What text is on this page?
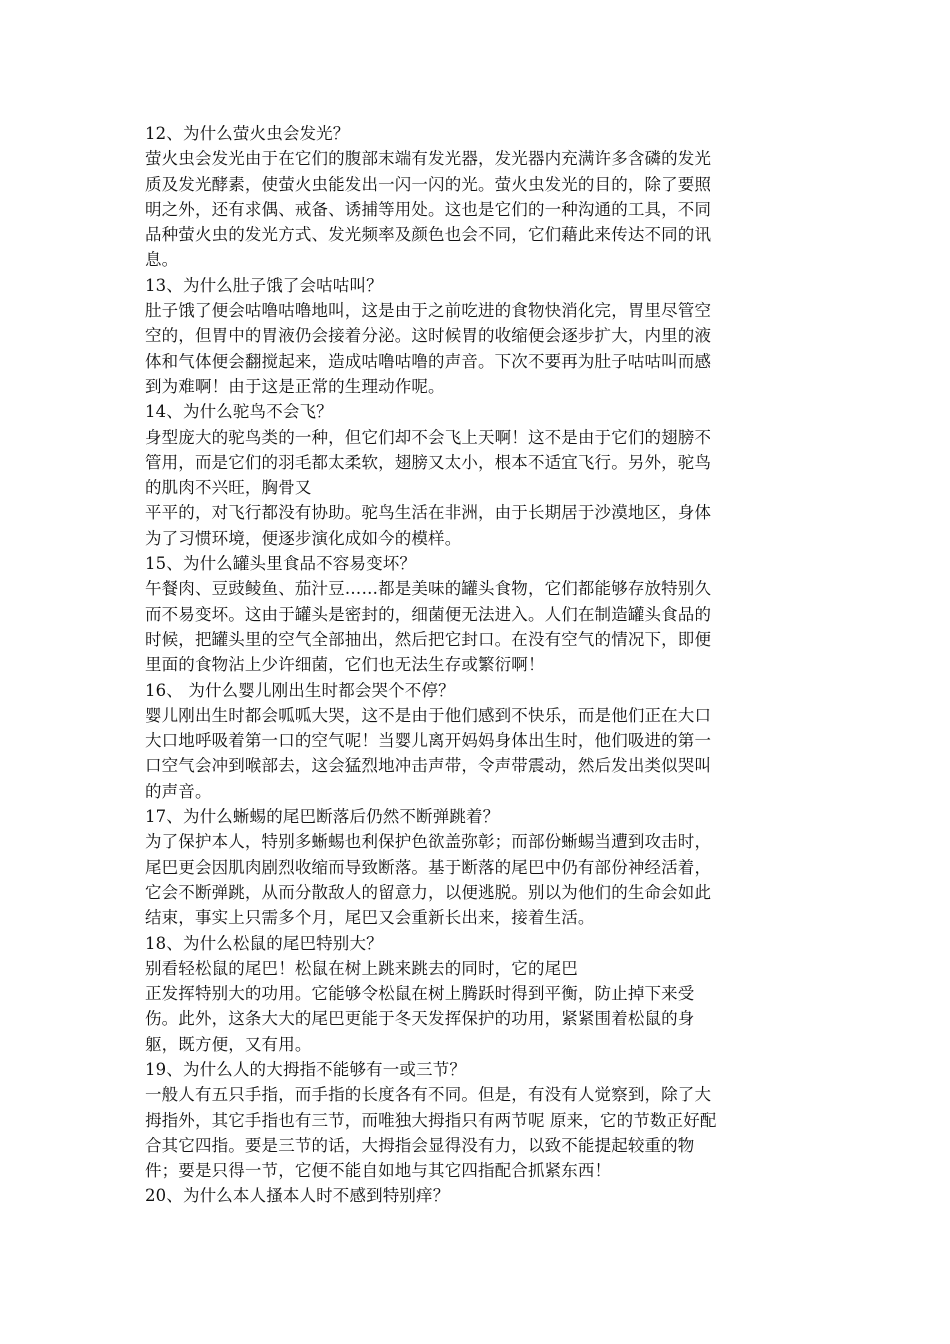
12、为什么萤火虫会发光？
萤火虫会发光由于在它们的腹部末端有发光器，发光器内充满许多含磷的发光
质及发光酵素，使萤火虫能发出一闪一闪的光。萤火虫发光的目的，除了要照
明之外，还有求偶、戒备、诱捕等用处。这也是它们的一种沟通的工具，不同
品种萤火虫的发光方式、发光频率及颜色也会不同，它们藉此来传达不同的讯
息。
13、为什么肚子饿了会咕咕叫？
肚子饿了便会咕噜咕噜地叫，这是由于之前吃进的食物快消化完，胃里尽管空
空的，但胃中的胃液仍会接着分泌。这时候胃的收缩便会逐步扩大，内里的液
体和气体便会翻搅起来，造成咕噜咕噜的声音。下次不要再为肚子咕咕叫而感
到为难啊！由于这是正常的生理动作呢。
14、为什么驼鸟不会飞？
身型庞大的驼鸟类的一种，但它们却不会飞上天啊！这不是由于它们的翅膀不
管用，而是它们的羽毛都太柔软，翅膀又太小，根本不适宜飞行。另外，驼鸟
的肌肉不兴旺，胸骨又
平平的，对飞行都没有协助。驼鸟生活在非洲，由于长期居于沙漠地区，身体
为了习惯环境，便逐步演化成如今的模样。
15、为什么罐头里食品不容易变坏？
午餐肉、豆豉鲮鱼、茄汁豆……都是美味的罐头食物，它们都能够存放特别久
而不易变坏。这由于罐头是密封的，细菌便无法进入。人们在制造罐头食品的
时候，把罐头里的空气全部抽出，然后把它封口。在没有空气的情况下，即便
里面的食物沾上少许细菌，它们也无法生存或繁衍啊！
16、 为什么婴儿刚出生时都会哭个不停？
婴儿刚出生时都会呱呱大哭，这不是由于他们感到不快乐，而是他们正在大口
大口地呼吸着第一口的空气呢！当婴儿离开妈妈身体出生时，他们吸进的第一
口空气会冲到喉部去，这会猛烈地冲击声带，令声带震动，然后发出类似哭叫
的声音。
17、为什么蜥蜴的尾巴断落后仍然不断弹跳着？
为了保护本人，特别多蜥蜴也利保护色欲盖弥彰；而部份蜥蜴当遭到攻击时，
尾巴更会因肌肉剧烈收缩而导致断落。基于断落的尾巴中仍有部份神经活着，
它会不断弹跳，从而分散敌人的留意力，以便逃脱。别以为他们的生命会如此
结束，事实上只需多个月，尾巴又会重新长出来，接着生活。
18、为什么松鼠的尾巴特别大？
别看轻松鼠的尾巴！松鼠在树上跳来跳去的同时，它的尾巴
正发挥特别大的功用。它能够令松鼠在树上腾跃时得到平衡，防止掉下来受
伤。此外，这条大大的尾巴更能于冬天发挥保护的功用，紧紧围着松鼠的身
躯，既方便，又有用。
19、为什么人的大拇指不能够有一或三节？
一般人有五只手指，而手指的长度各有不同。但是，有没有人觉察到，除了大
拇指外，其它手指也有三节，而唯独大拇指只有两节呢 原来，它的节数正好配
合其它四指。要是三节的话，大拇指会显得没有力，以致不能提起较重的物
件；要是只得一节，它便不能自如地与其它四指配合抓紧东西！
20、为什么本人搔本人时不感到特别痒？
